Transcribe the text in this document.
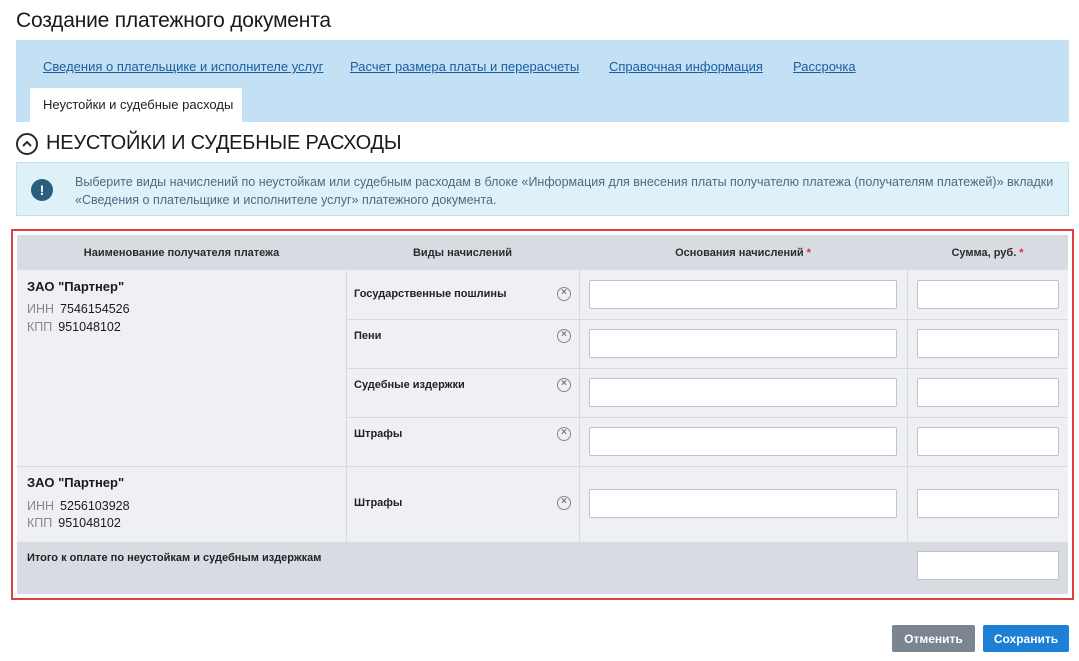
Создание платежного документа
Сведения о плательщике и исполнителе услуг Расчет размера платы и перерасчеты Справочная информация Рассрочка
Неустойки и судебные расходы
НЕУСТОЙКИ И СУДЕБНЫЕ РАСХОДЫ
!	Выберите виды начислений по неустойкам или судебным расходам в блоке «Информация для внесения платы получателю платежа (получателям платежей)» вкладки «Сведения о плательщике и исполнителе услуг» платежного документа.
Наименование получателя платежа	Виды начислений	Основания начислений *	Сумма, руб. *
ЗАО "Партнер"
ИНН 7546154526
КПП 951048102
Государственные пошлины	×
Пени	×
Судебные издержки	×
Штрафы	×
ЗАО "Партнер"
ИНН 5256103928
КПП 951048102
Штрафы	×
Итого к оплате по неустойкам и судебным издержкам
Отменить	Сохранить
